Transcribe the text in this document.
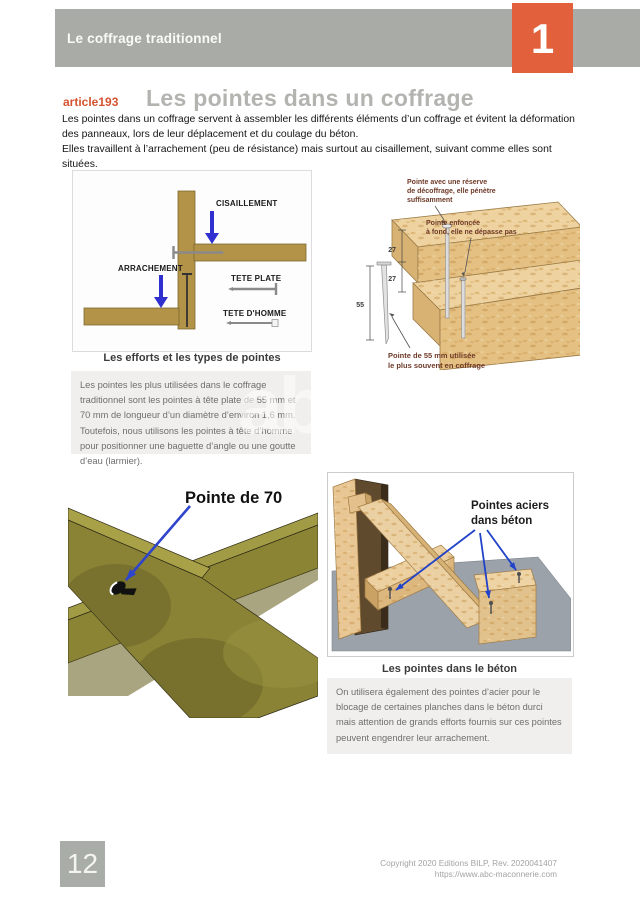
Le coffrage traditionnel	1
article193 Les pointes dans un coffrage

Les pointes dans un coffrage servent à assembler les différents éléments d’un coffrage et évitent la déformation des panneaux, lors de leur déplacement et du coulage du béton.

Elles travaillent à l’arrachement (peu de résistance) mais surtout au cisaillement, suivant comme elles sont situées.

CISAILLEMENT
ARRACHEMENT
TETE PLATE
TETE D'HOMME
Les efforts et les types de pointes
Les pointes les plus utilisées dans le coffrage traditionnel sont les pointes à tête plate de 55 mm et 70 mm de longueur d’un diamètre d’environ 1,6 mm. Toutefois, nous utilisons les pointes à tête d’homme pour positionner une baguette d’angle ou une goutte d’eau (larmier).
ab
27
27
55
Pointe avec une réserve
de décoffrage, elle pénètre
suffisamment
Pointe enfoncée
à fond, elle ne dépasse pas
Pointe de 55 mm utilisée
le plus souvent en coffrage
Pointe de 70	Pointes aciers
dans béton
Les pointes dans le béton
On utilisera également des pointes d’acier pour le blocage de certaines planches dans le béton durci mais attention de grands efforts fournis sur ces pointes peuvent engendrer leur arrachement.
12	Copyright 2020 Editions BILP, Rev. 2020041407
https://www.abc-maconnerie.com
